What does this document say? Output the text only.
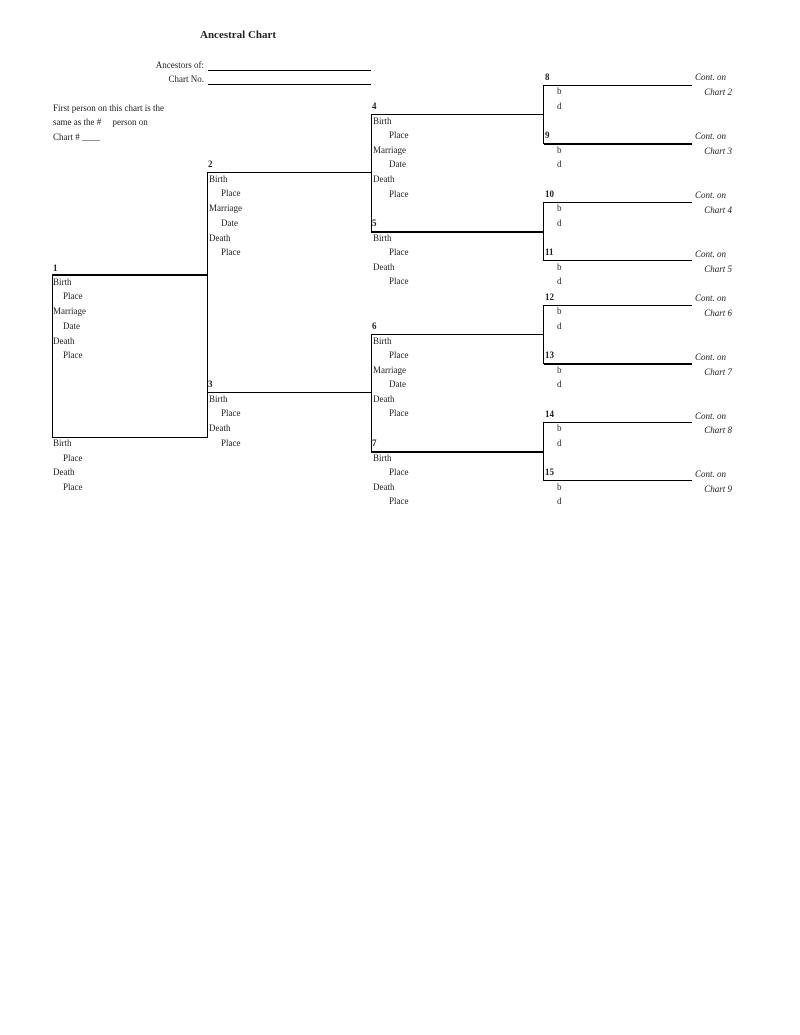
Ancestral Chart
Ancestors of:
Chart No.
First person on this chart is the
same as the # person on
Chart # ____
1
Birth
Place
Marriage
Date
Death
Place
Birth
Place
Death
Place
2
Birth
Place
Marriage
Date
Death
Place
3
Birth
Place
Death
Place
4
Birth
Place
Marriage
Date
Death
Place
5
Birth
Place
Death
Place
6
Birth
Place
Marriage
Date
Death
Place
7
Birth
Place
Death
Place
8
b
d
Cont. on
Chart 2
9
b
d
Cont. on
Chart 3
10
b
d
Cont. on
Chart 4
11
b
d
Cont. on
Chart 5
12
b
d
Cont. on
Chart 6
13
b
d
Cont. on
Chart 7
14
b
d
Cont. on
Chart 8
15
b
d
Cont. on
Chart 9
